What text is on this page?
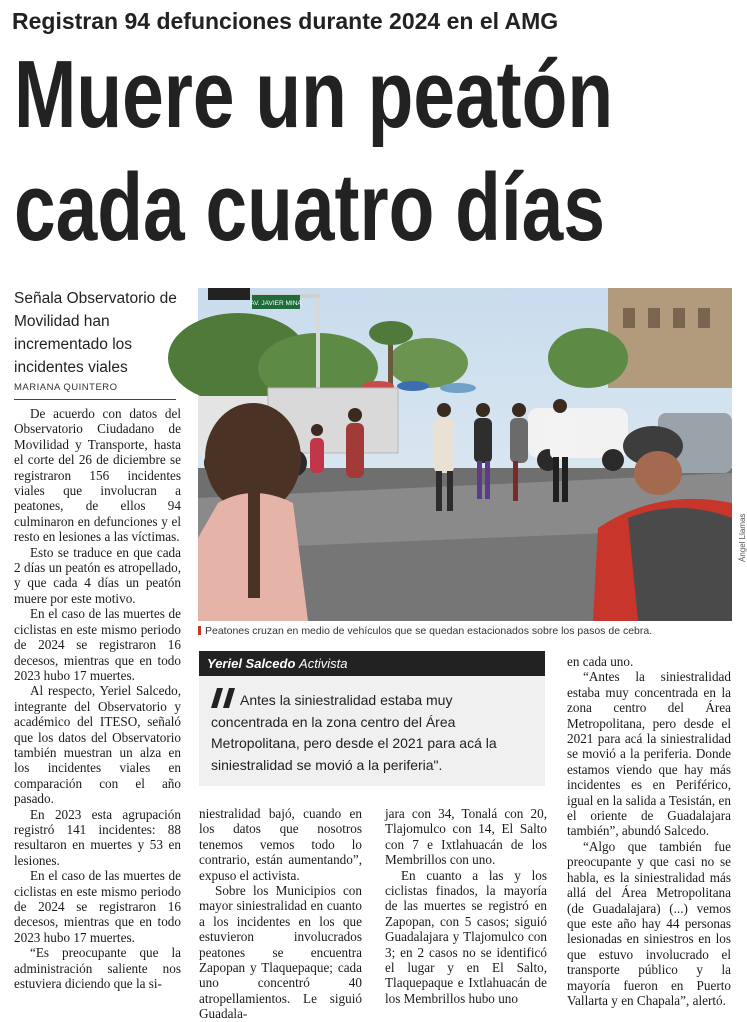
Registran 94 defunciones durante 2024 en el AMG
Muere un peatón
cada cuatro días
Señala Observatorio de Movilidad han incrementado los incidentes viales
MARIANA QUINTERO

De acuerdo con datos del Observatorio Ciudadano de Movilidad y Transporte, hasta el corte del 26 de diciembre se registraron 156 incidentes viales que involucran a peatones, de ellos 94 culminaron en defunciones y el resto en lesiones a las víctimas.

Esto se traduce en que cada 2 días un peatón es atropellado, y que cada 4 días un peatón muere por este motivo.

En el caso de las muertes de ciclistas en este mismo periodo de 2024 se registraron 16 decesos, mientras que en todo 2023 hubo 17 muertes.

Al respecto, Yeriel Salcedo, integrante del Observatorio y académico del ITESO, señaló que los datos del Observatorio también muestran un alza en los incidentes viales en comparación con el año pasado.

En 2023 esta agrupación registró 141 incidentes: 88 resultaron en muertes y 53 en lesiones.

En el caso de las muertes de ciclistas en este mismo periodo de 2024 se registraron 16 decesos, mientras que en todo 2023 hubo 17 muertes.

“Es preocupante que la administración saliente nos estuviera diciendo que la si-

AV. JAVIER MINA
Ángel Llamas
Peatones cruzan en medio de vehículos que se quedan estacionados sobre los pasos de cebra.
Yeriel Salcedo Activista
Antes la siniestralidad estaba muy concentrada en la zona centro del Área Metropolitana, pero desde el 2021 para acá la siniestralidad se movió a la periferia".

niestralidad bajó, cuando en los datos que nosotros tenemos vemos todo lo contrario, están aumentando”, expuso el activista.

Sobre los Municipios con mayor siniestralidad en cuanto a los incidentes en los que estuvieron involucrados peatones se encuentra Zapopan y Tlaquepaque; cada uno concentró 40 atropellamientos. Le siguió Guadala-

jara con 34, Tonalá con 20, Tlajomulco con 14, El Salto con 7 e Ixtlahuacán de los Membrillos con uno.

En cuanto a las y los ciclistas finados, la mayoría de las muertes se registró en Zapopan, con 5 casos; siguió Guadalajara y Tlajomulco con 3; en 2 casos no se identificó el lugar y en El Salto, Tlaquepaque e Ixtlahuacán de los Membrillos hubo uno

en cada uno.

“Antes la siniestralidad estaba muy concentrada en la zona centro del Área Metropolitana, pero desde el 2021 para acá la siniestralidad se movió a la periferia. Donde estamos viendo que hay más incidentes es en Periférico, igual en la salida a Tesistán, en el oriente de Guadalajara también”, abundó Salcedo.

“Algo que también fue preocupante y que casi no se habla, es la siniestralidad más allá del Área Metropolitana (de Guadalajara) (...) vemos que este año hay 44 personas lesionadas en siniestros en los que estuvo involucrado el transporte público y la mayoría fueron en Puerto Vallarta y en Chapala”, alertó.
